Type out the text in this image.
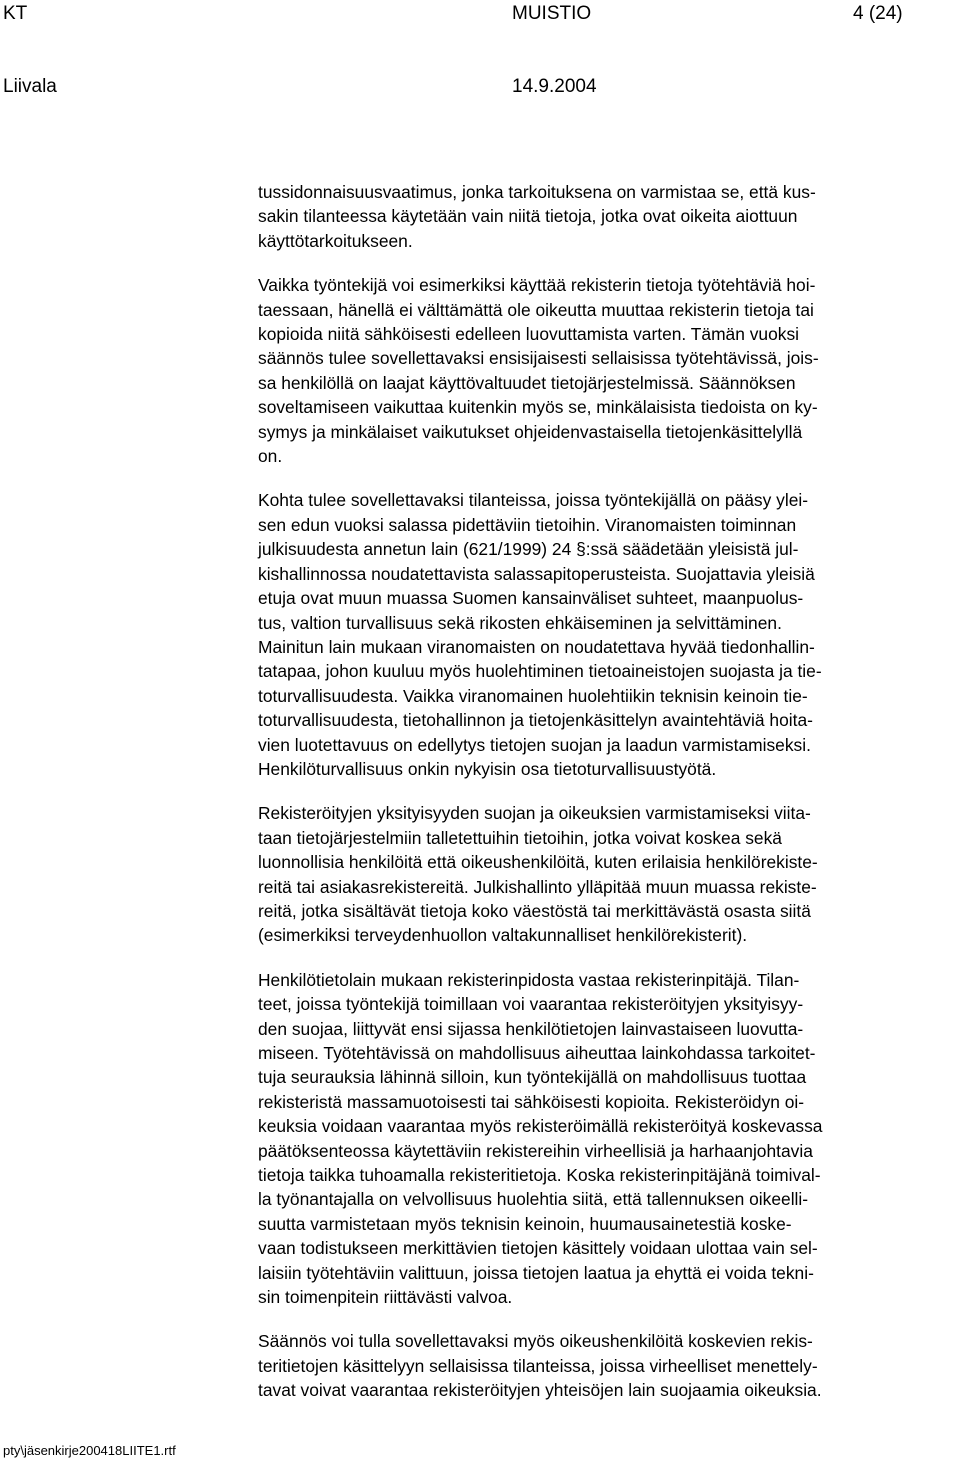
KT	MUISTIO	4 (24)
Liivala	14.9.2004

tussidonnaisuusvaatimus, jonka tarkoituksena on varmistaa se, että kus-
sakin tilanteessa käytetään vain niitä tietoja, jotka ovat oikeita aiottuun
käyttötarkoitukseen.

Vaikka työntekijä voi esimerkiksi käyttää rekisterin tietoja työtehtäviä hoi-
taessaan, hänellä ei välttämättä ole oikeutta muuttaa rekisterin tietoja tai
kopioida niitä sähköisesti edelleen luovuttamista varten. Tämän vuoksi
säännös tulee sovellettavaksi ensisijaisesti sellaisissa työtehtävissä, jois-
sa henkilöllä on laajat käyttövaltuudet tietojärjestelmissä. Säännöksen
soveltamiseen vaikuttaa kuitenkin myös se, minkälaisista tiedoista on ky-
symys ja minkälaiset vaikutukset ohjeidenvastaisella tietojenkäsittelyllä
on.

Kohta tulee sovellettavaksi tilanteissa, joissa työntekijällä on pääsy ylei-
sen edun vuoksi salassa pidettäviin tietoihin. Viranomaisten toiminnan
julkisuudesta annetun lain (621/1999) 24 §:ssä säädetään yleisistä jul-
kishallinnossa noudatettavista salassapitoperusteista. Suojattavia yleisiä
etuja ovat muun muassa Suomen kansainväliset suhteet, maanpuolus-
tus, valtion turvallisuus sekä rikosten ehkäiseminen ja selvittäminen.
Mainitun lain mukaan viranomaisten on noudatettava hyvää tiedonhallin-
tatapaa, johon kuuluu myös huolehtiminen tietoaineistojen suojasta ja tie-
toturvallisuudesta. Vaikka viranomainen huolehtiikin teknisin keinoin tie-
toturvallisuudesta, tietohallinnon ja tietojenkäsittelyn avaintehtäviä hoita-
vien luotettavuus on edellytys tietojen suojan ja laadun varmistamiseksi.
Henkilöturvallisuus onkin nykyisin osa tietoturvallisuustyötä.

Rekisteröityjen yksityisyyden suojan ja oikeuksien varmistamiseksi viita-
taan tietojärjestelmiin talletettuihin tietoihin, jotka voivat koskea sekä
luonnollisia henkilöitä että oikeushenkilöitä, kuten erilaisia henkilörekiste-
reitä tai asiakasrekistereitä. Julkishallinto ylläpitää muun muassa rekiste-
reitä, jotka sisältävät tietoja koko väestöstä tai merkittävästä osasta siitä
(esimerkiksi terveydenhuollon valtakunnalliset henkilörekisterit).

Henkilötietolain mukaan rekisterinpidosta vastaa rekisterinpitäjä. Tilan-
teet, joissa työntekijä toimillaan voi vaarantaa rekisteröityjen yksityisyy-
den suojaa, liittyvät ensi sijassa henkilötietojen lainvastaiseen luovutta-
miseen. Työtehtävissä on mahdollisuus aiheuttaa lainkohdassa tarkoitet-
tuja seurauksia lähinnä silloin, kun työntekijällä on mahdollisuus tuottaa
rekisteristä massamuotoisesti tai sähköisesti kopioita. Rekisteröidyn oi-
keuksia voidaan vaarantaa myös rekisteröimällä rekisteröityä koskevassa
päätöksenteossa käytettäviin rekistereihin virheellisiä ja harhaanjohtavia
tietoja taikka tuhoamalla rekisteritietoja. Koska rekisterinpitäjänä toimival-
la työnantajalla on velvollisuus huolehtia siitä, että tallennuksen oikeelli-
suutta varmistetaan myös teknisin keinoin, huumausainetestiä koske-
vaan todistukseen merkittävien tietojen käsittely voidaan ulottaa vain sel-
laisiin työtehtäviin valittuun, joissa tietojen laatua ja ehyttä ei voida tekni-
sin toimenpitein riittävästi valvoa.

Säännös voi tulla sovellettavaksi myös oikeushenkilöitä koskevien rekis-
teritietojen käsittelyyn sellaisissa tilanteissa, joissa virheelliset menettely-
tavat voivat vaarantaa rekisteröityjen yhteisöjen lain suojaamia oikeuksia.

pty\jäsenkirje200418LIITE1.rtf
